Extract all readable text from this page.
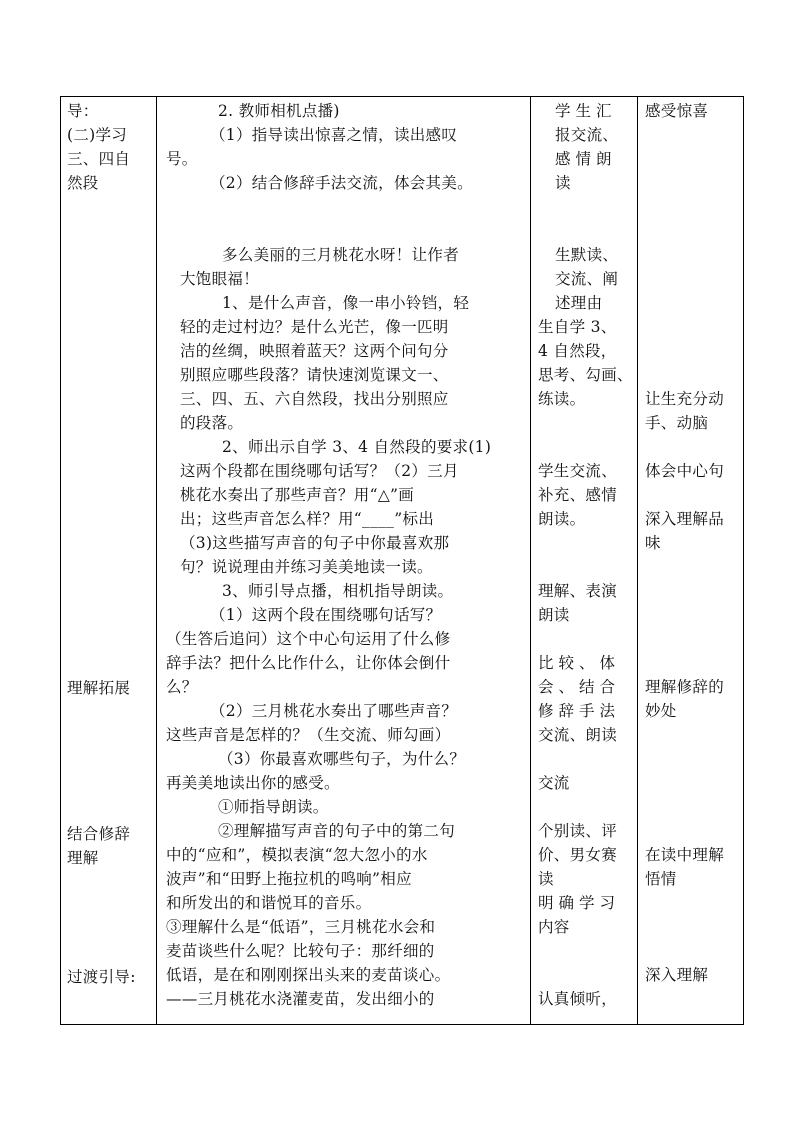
导：
(二)学习
三、四自
然段
理解拓展
结合修辞
理解
过渡引导:
2. 教师相机点播)
（1）指导读出惊喜之情，读出感叹
号。
（2）结合修辞手法交流，体会其美。
多么美丽的三月桃花水呀！让作者
大饱眼福！
1、是什么声音，像一串小铃铛，轻
轻的走过村边？是什么光芒，像一匹明
洁的丝绸，映照着蓝天？这两个问句分
别照应哪些段落？请快速浏览课文一、
三、四、五、六自然段，找出分别照应
的段落。
2、师出示自学 3、4 自然段的要求(1)
这两个段都在围绕哪句话写？（2）三月
桃花水奏出了那些声音？用“△”画
出；这些声音怎么样？用“____”标出
（3)这些描写声音的句子中你最喜欢那
句？说说理由并练习美美地读一读。
3、师引导点播，相机指导朗读。
（1）这两个段在围绕哪句话写？
（生答后追问）这个中心句运用了什么修
辞手法？把什么比作什么，让你体会倒什
么？
（2）三月桃花水奏出了哪些声音？
这些声音是怎样的？（生交流、师勾画）
（3）你最喜欢哪些句子，为什么？
再美美地读出你的感受。
①师指导朗读。
②理解描写声音的句子中的第二句
中的“应和”，模拟表演“忽大忽小的水
波声”和“田野上拖拉机的鸣响”相应
和所发出的和谐悦耳的音乐。
③理解什么是“低语”，三月桃花水会和
麦苗谈些什么呢？比较句子：那纤细的
低语，是在和刚刚探出头来的麦苗谈心。
——三月桃花水浇灌麦苗，发出细小的
学生汇
报交流、
感情朗
读
生默读、
交流、阐
述理由
生自学 3、
4 自然段，
思考、勾画、
练读。
学生交流、
补充、感情
朗读。
理解、表演
朗读
比较、体
会、结合
修辞手法
交流、朗读
交流
个别读、评
价、男女赛
读
明确学习
内容
认真倾听，
感受惊喜
让生充分动
手、动脑
体会中心句
深入理解品
味
理解修辞的
妙处
在读中理解
悟情
深入理解
